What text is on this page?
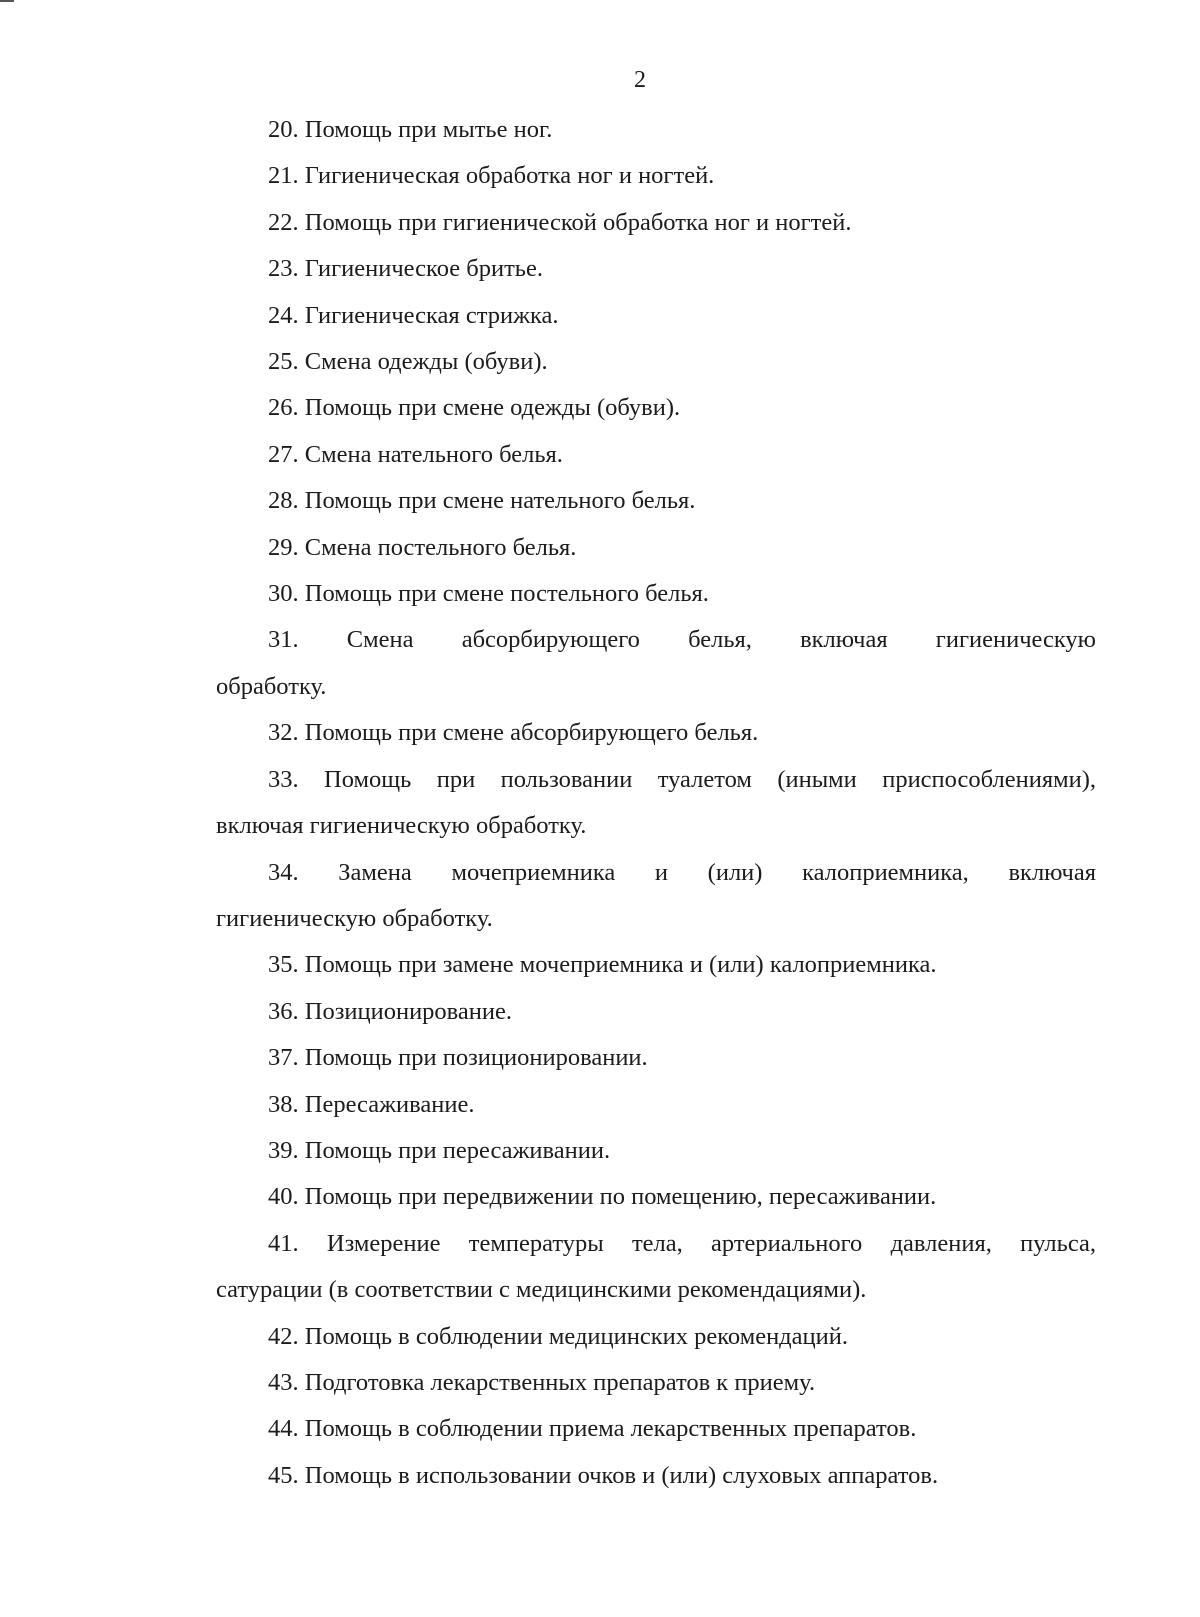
2

20. Помощь при мытье ног.

21. Гигиеническая обработка ног и ногтей.

22. Помощь при гигиенической обработка ног и ногтей.

23. Гигиеническое бритье.

24. Гигиеническая стрижка.

25. Смена одежды (обуви).

26. Помощь при смене одежды (обуви).

27. Смена нательного белья.

28. Помощь при смене нательного белья.

29. Смена постельного белья.

30. Помощь при смене постельного белья.

31. Смена абсорбирующего белья, включая гигиеническую
обработку.

32. Помощь при смене абсорбирующего белья.

33. Помощь при пользовании туалетом (иными приспособлениями),
включая гигиеническую обработку.

34. Замена мочеприемника и (или) калоприемника, включая
гигиеническую обработку.

35. Помощь при замене мочеприемника и (или) калоприемника.

36. Позиционирование.

37. Помощь при позиционировании.

38. Пересаживание.

39. Помощь при пересаживании.

40. Помощь при передвижении по помещению, пересаживании.

41. Измерение температуры тела, артериального давления, пульса,
сатурации (в соответствии с медицинскими рекомендациями).

42. Помощь в соблюдении медицинских рекомендаций.

43. Подготовка лекарственных препаратов к приему.

44. Помощь в соблюдении приема лекарственных препаратов.

45. Помощь в использовании очков и (или) слуховых аппаратов.
